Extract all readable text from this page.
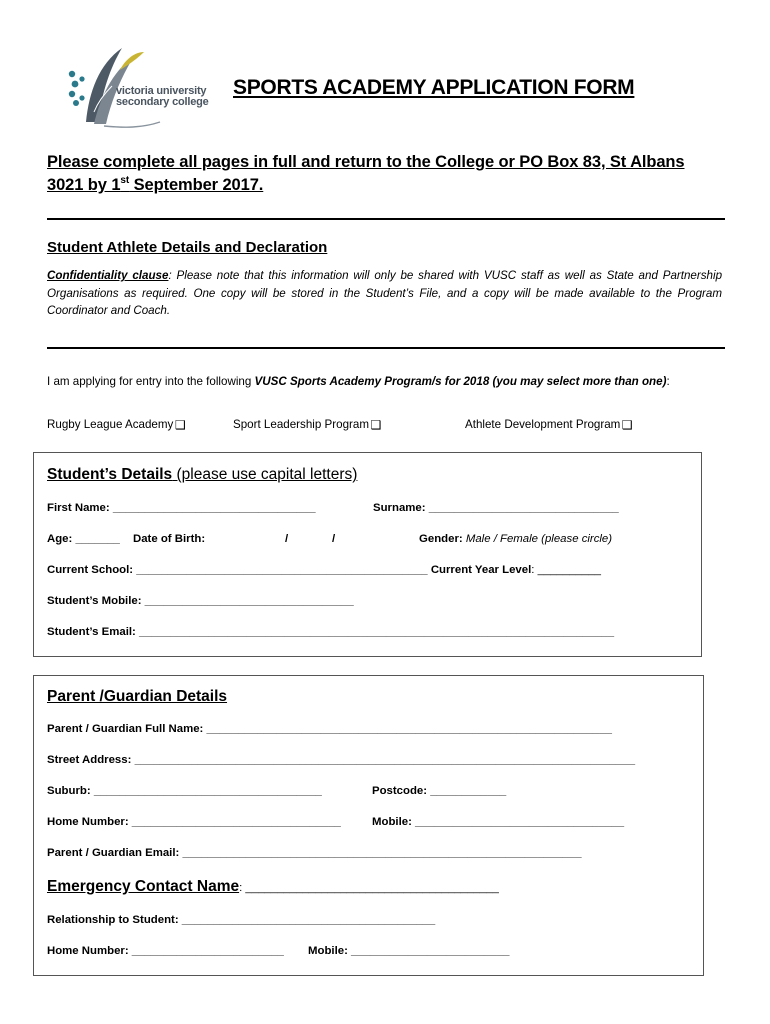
victoria university
secondary college
SPORTS ACADEMY APPLICATION FORM
Please complete all pages in full and return to the College or PO Box 83, St Albans 3021 by 1st September 2017.
Student Athlete Details and Declaration
Confidentiality clause: Please note that this information will only be shared with VUSC staff as well as State and Partnership Organisations as required. One copy will be stored in the Student’s File, and a copy will be made available to the Program Coordinator and Coach.
I am applying for entry into the following VUSC Sports Academy Program/s for 2018 (you may select more than one):
Rugby League Academy ❑	Sport Leadership Program ❑	Athlete Development Program ❑
Student’s Details (please use capital letters)
First Name: ________________________________	Surname: ______________________________
Age: _______ Date of Birth:	/	/	Gender: Male / Female (please circle)
Current School: ______________________________________________ Current Year Level: __________
Student’s Mobile: _________________________________
Student’s Email: ___________________________________________________________________________
Parent /Guardian Details
Parent / Guardian Full Name: ________________________________________________________________
Street Address: _______________________________________________________________________________
Suburb: ____________________________________	Postcode: ____________
Home Number: _________________________________	Mobile: _________________________________
Parent / Guardian Email: _______________________________________________________________
Emergency Contact Name: ________________________________________
Relationship to Student: ________________________________________
Home Number: ________________________ Mobile: _________________________
